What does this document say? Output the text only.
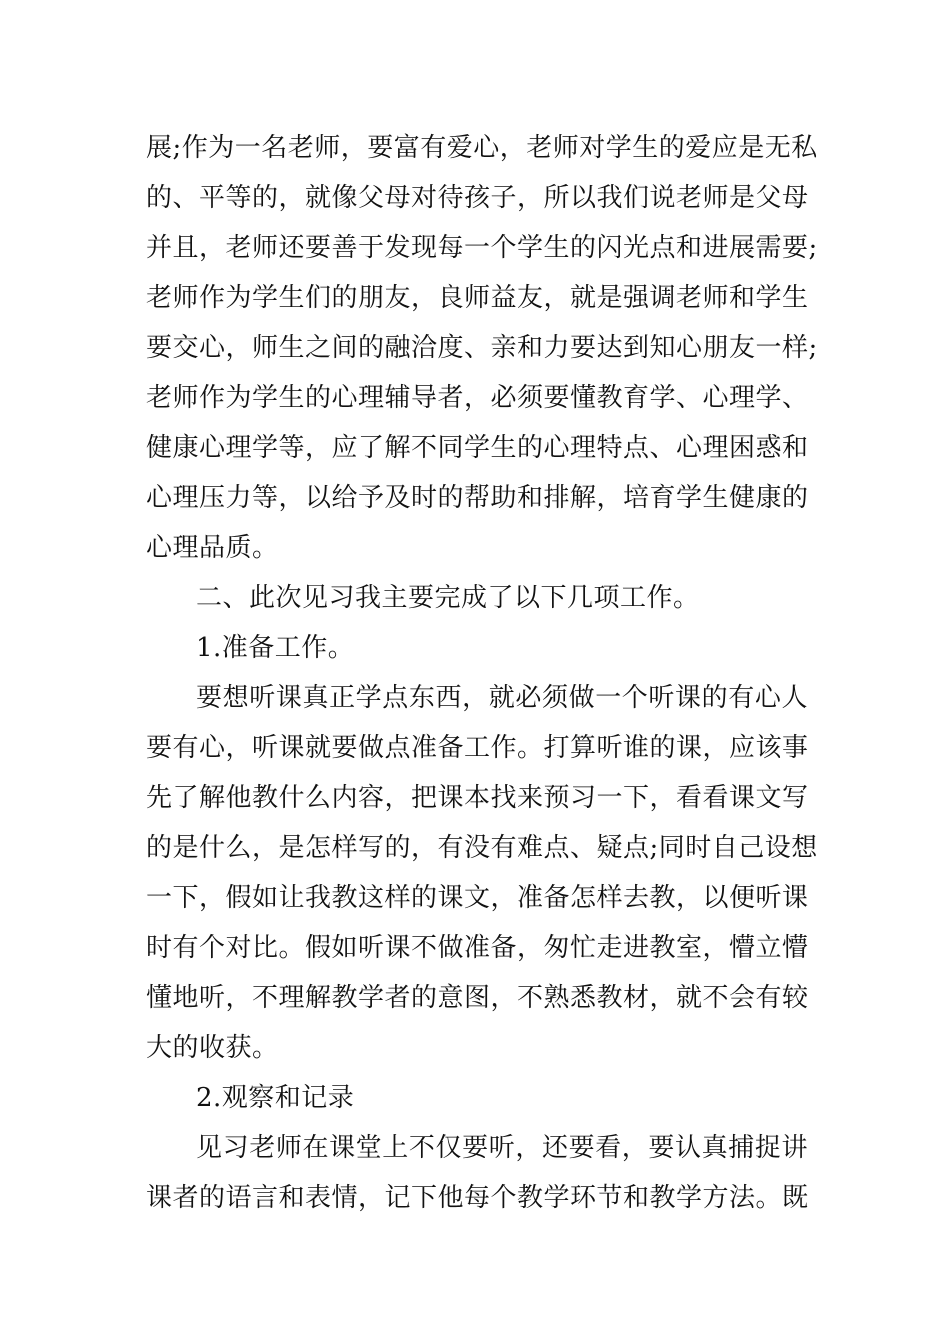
展;作为一名老师，要富有爱心，老师对学生的爱应是无私
的、平等的，就像父母对待孩子，所以我们说老师是父母
并且，老师还要善于发现每一个学生的闪光点和进展需要;
老师作为学生们的朋友，良师益友，就是强调老师和学生
要交心，师生之间的融洽度、亲和力要达到知心朋友一样;
老师作为学生的心理辅导者，必须要懂教育学、心理学、
健康心理学等，应了解不同学生的心理特点、心理困惑和
心理压力等，以给予及时的帮助和排解，培育学生健康的
心理品质。
二、此次见习我主要完成了以下几项工作。
1.准备工作。
要想听课真正学点东西，就必须做一个听课的有心人
要有心，听课就要做点准备工作。打算听谁的课，应该事
先了解他教什么内容，把课本找来预习一下，看看课文写
的是什么，是怎样写的，有没有难点、疑点;同时自己设想
一下，假如让我教这样的课文，准备怎样去教，以便听课
时有个对比。假如听课不做准备，匆忙走进教室，懵立懵
懂地听，不理解教学者的意图，不熟悉教材，就不会有较
大的收获。
2.观察和记录
见习老师在课堂上不仅要听，还要看，要认真捕捉讲
课者的语言和表情，记下他每个教学环节和教学方法。既
